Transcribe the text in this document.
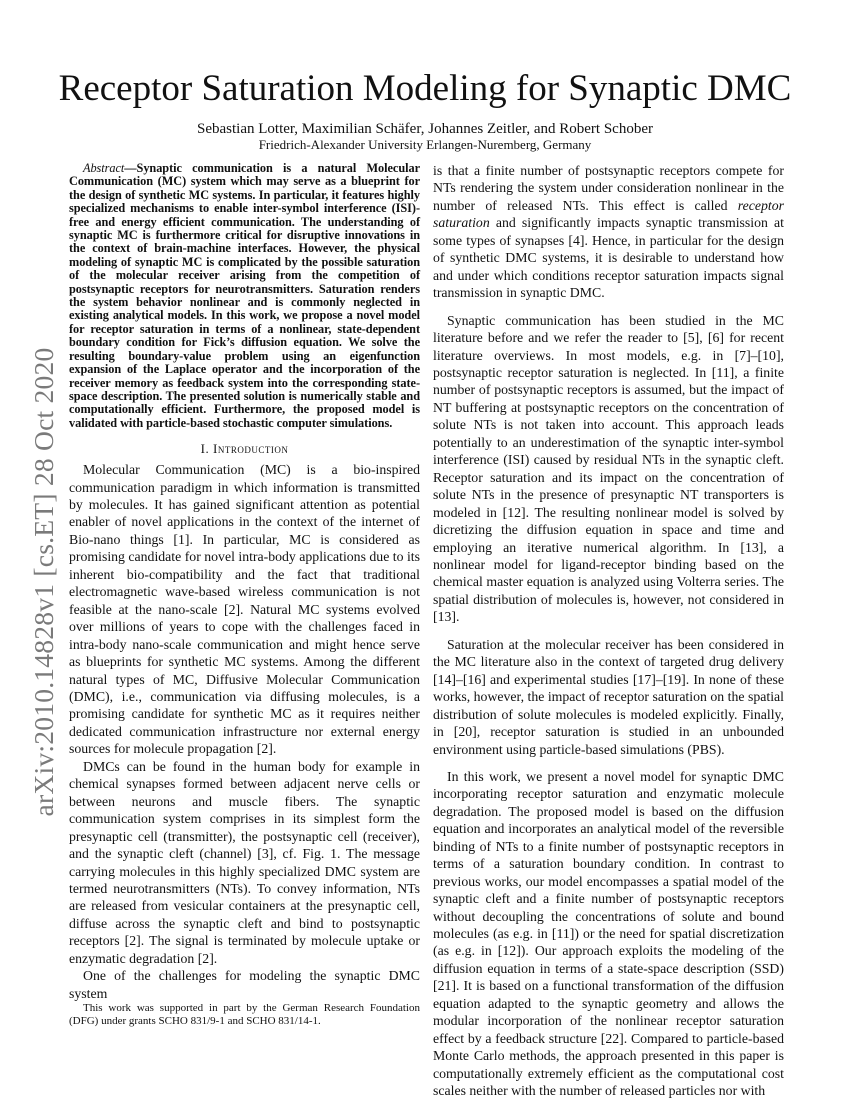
arXiv:2010.14828v1 [cs.ET] 28 Oct 2020
Receptor Saturation Modeling for Synaptic DMC
Sebastian Lotter, Maximilian Schäfer, Johannes Zeitler, and Robert Schober
Friedrich-Alexander University Erlangen-Nuremberg, Germany

Abstract—Synaptic communication is a natural Molecular Communication (MC) system which may serve as a blueprint for the design of synthetic MC systems. In particular, it features highly specialized mechanisms to enable inter-symbol interference (ISI)-free and energy efficient communication. The understanding of synaptic MC is furthermore critical for disruptive innovations in the context of brain-machine interfaces. However, the physical modeling of synaptic MC is complicated by the possible saturation of the molecular receiver arising from the competition of postsynaptic receptors for neurotransmitters. Saturation renders the system behavior nonlinear and is commonly neglected in existing analytical models. In this work, we propose a novel model for receptor saturation in terms of a nonlinear, state-dependent boundary condition for Fick’s diffusion equation. We solve the resulting boundary-value problem using an eigenfunction expansion of the Laplace operator and the incorporation of the receiver memory as feedback system into the corresponding state-space description. The presented solution is numerically stable and computationally efficient. Furthermore, the proposed model is validated with particle-based stochastic computer simulations.

I. Introduction

Molecular Communication (MC) is a bio-inspired communication paradigm in which information is transmitted by molecules. It has gained significant attention as potential enabler of novel applications in the context of the internet of Bio-nano things [1]. In particular, MC is considered as promising candidate for novel intra-body applications due to its inherent bio-compatibility and the fact that traditional electromagnetic wave-based wireless communication is not feasible at the nano-scale [2]. Natural MC systems evolved over millions of years to cope with the challenges faced in intra-body nano-scale communication and might hence serve as blueprints for synthetic MC systems. Among the different natural types of MC, Diffusive Molecular Communication (DMC), i.e., communication via diffusing molecules, is a promising candidate for synthetic MC as it requires neither dedicated communication infrastructure nor external energy sources for molecule propagation [2].

DMCs can be found in the human body for example in chemical synapses formed between adjacent nerve cells or between neurons and muscle fibers. The synaptic communication system comprises in its simplest form the presynaptic cell (transmitter), the postsynaptic cell (receiver), and the synaptic cleft (channel) [3], cf. Fig. 1. The message carrying molecules in this highly specialized DMC system are termed neurotransmitters (NTs). To convey information, NTs are released from vesicular containers at the presynaptic cell, diffuse across the synaptic cleft and bind to postsynaptic receptors [2]. The signal is terminated by molecule uptake or enzymatic degradation [2].

One of the challenges for modeling the synaptic DMC system

This work was supported in part by the German Research Foundation (DFG) under grants SCHO 831/9-1 and SCHO 831/14-1.

is that a finite number of postsynaptic receptors compete for NTs rendering the system under consideration nonlinear in the number of released NTs. This effect is called receptor saturation and significantly impacts synaptic transmission at some types of synapses [4]. Hence, in particular for the design of synthetic DMC systems, it is desirable to understand how and under which conditions receptor saturation impacts signal transmission in synaptic DMC.

Synaptic communication has been studied in the MC literature before and we refer the reader to [5], [6] for recent literature overviews. In most models, e.g. in [7]–[10], postsynaptic receptor saturation is neglected. In [11], a finite number of postsynaptic receptors is assumed, but the impact of NT buffering at postsynaptic receptors on the concentration of solute NTs is not taken into account. This approach leads potentially to an underestimation of the synaptic inter-symbol interference (ISI) caused by residual NTs in the synaptic cleft. Receptor saturation and its impact on the concentration of solute NTs in the presence of presynaptic NT transporters is modeled in [12]. The resulting nonlinear model is solved by dicretizing the diffusion equation in space and time and employing an iterative numerical algorithm. In [13], a nonlinear model for ligand-receptor binding based on the chemical master equation is analyzed using Volterra series. The spatial distribution of molecules is, however, not considered in [13].

Saturation at the molecular receiver has been considered in the MC literature also in the context of targeted drug delivery [14]–[16] and experimental studies [17]–[19]. In none of these works, however, the impact of receptor saturation on the spatial distribution of solute molecules is modeled explicitly. Finally, in [20], receptor saturation is studied in an unbounded environment using particle-based simulations (PBS).

In this work, we present a novel model for synaptic DMC incorporating receptor saturation and enzymatic molecule degradation. The proposed model is based on the diffusion equation and incorporates an analytical model of the reversible binding of NTs to a finite number of postsynaptic receptors in terms of a saturation boundary condition. In contrast to previous works, our model encompasses a spatial model of the synaptic cleft and a finite number of postsynaptic receptors without decoupling the concentrations of solute and bound molecules (as e.g. in [11]) or the need for spatial discretization (as e.g. in [12]). Our approach exploits the modeling of the diffusion equation in terms of a state-space description (SSD) [21]. It is based on a functional transformation of the diffusion equation adapted to the synaptic geometry and allows the modular incorporation of the nonlinear receptor saturation effect by a feedback structure [22]. Compared to particle-based Monte Carlo methods, the approach presented in this paper is computationally extremely efficient as the computational cost scales neither with the number of released particles nor with
